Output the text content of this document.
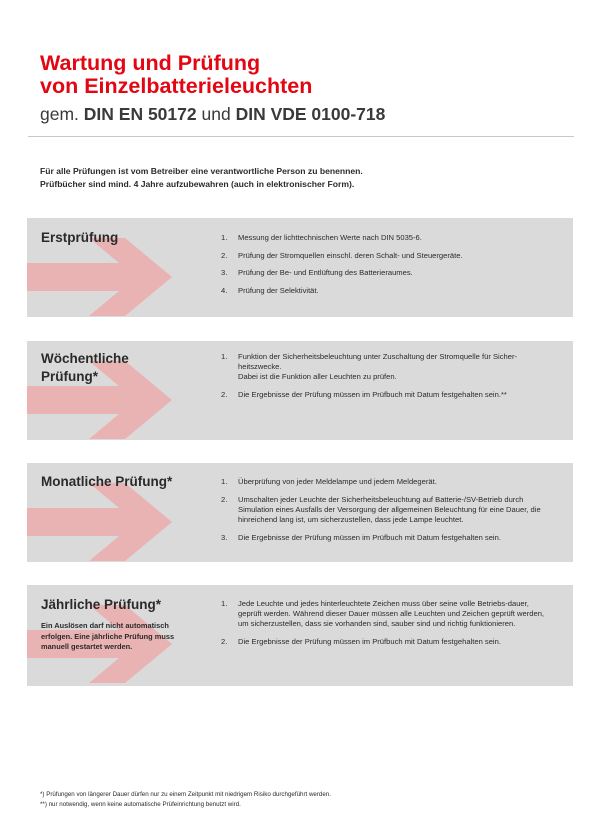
Wartung und Prüfung
von Einzelbatterieleuchten

gem. DIN EN 50172 und DIN VDE 0100-718

Für alle Prüfungen ist vom Betreiber eine verantwortliche Person zu benennen.

Prüfbücher sind mind. 4 Jahre aufzubewahren (auch in elektronischer Form).

Erstprüfung	1. Messung der lichttechnischen Werte nach DIN 5035-6.
2. Prüfung der Stromquellen einschl. deren Schalt- und Steuergeräte.
3. Prüfung der Be- und Entlüftung des Batterieraumes.
4. Prüfung der Selektivität.
Wöchentliche
Prüfung*
1. Funktion der Sicherheitsbeleuchtung unter Zuschaltung der Stromquelle für Sicher-heitszwecke.
Dabei ist die Funktion aller Leuchten zu prüfen.
2. Die Ergebnisse der Prüfung müssen im Prüfbuch mit Datum festgehalten sein.**
Monatliche Prüfung*	1. Überprüfung von jeder Meldelampe und jedem Meldegerät.
2. Umschalten jeder Leuchte der Sicherheitsbeleuchtung auf Batterie-/SV-Betrieb durch Simulation eines Ausfalls der Versorgung der allgemeinen Beleuchtung für eine Dauer, die hinreichend lang ist, um sicherzustellen, dass jede Lampe leuchtet.
3. Die Ergebnisse der Prüfung müssen im Prüfbuch mit Datum festgehalten sein.
Jährliche Prüfung*

Ein Auslösen darf nicht automatisch erfolgen. Eine jährliche Prüfung muss manuell gestartet werden.

1. Jede Leuchte und jedes hinterleuchtete Zeichen muss über seine volle Betriebs-dauer, geprüft werden. Während dieser Dauer müssen alle Leuchten und Zeichen geprüft werden, um sicherzustellen, dass sie vorhanden sind, sauber sind und richtig funktionieren.
2. Die Ergebnisse der Prüfung müssen im Prüfbuch mit Datum festgehalten sein.

*) Prüfungen von längerer Dauer dürfen nur zu einem Zeitpunkt mit niedrigem Risiko durchgeführt werden.

**) nur notwendig, wenn keine automatische Prüfeinrichtung benutzt wird.
